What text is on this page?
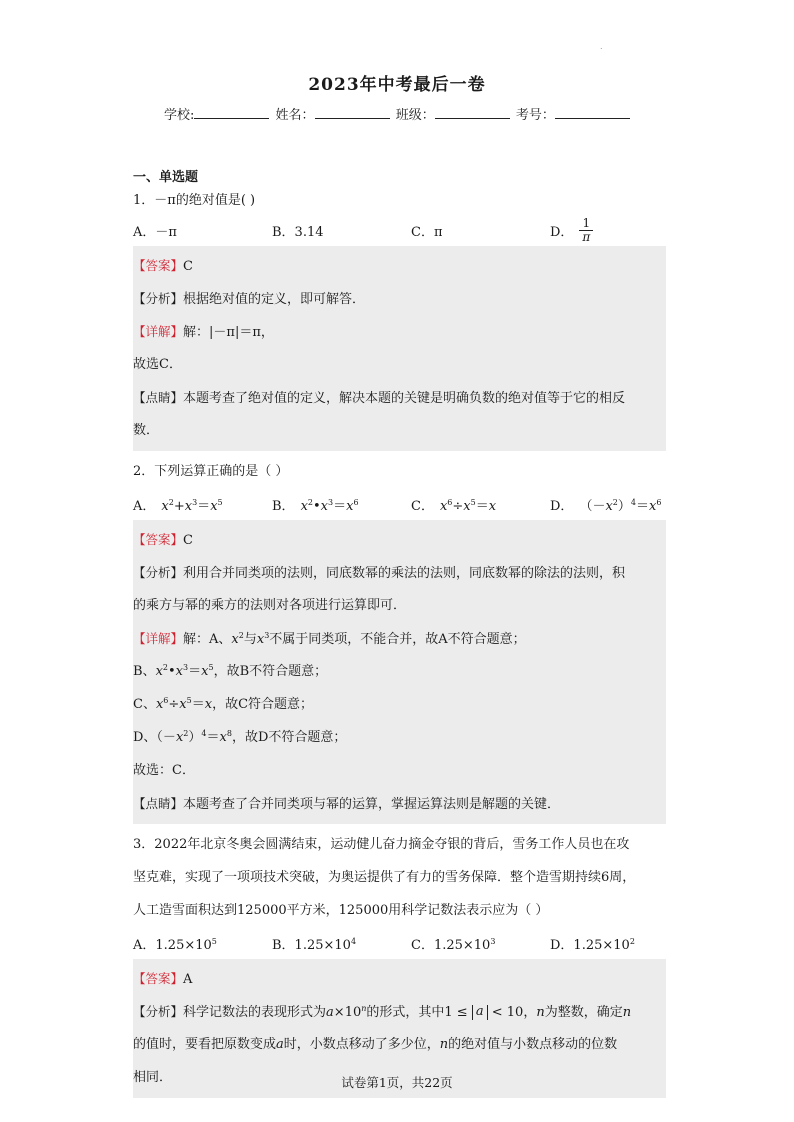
.
2023年中考最后一卷
学校:	姓名：	班级：	考号：
一、单选题
1．－π的绝对值是( )
A．－π	B．3.14	C．π	D． $\frac{1}{\pi}$
【答案】C
【分析】根据绝对值的定义，即可解答．
【详解】解：|－π|＝π，
故选C．
【点睛】本题考查了绝对值的定义，解决本题的关键是明确负数的绝对值等于它的相反
数．
2．下列运算正确的是（ ）
A． $x^2+x^3=x^5$	B． $x^2•x^3=x^6$	C． $x^6\div x^5=x$	D． $(-x^2)^4=x^6$
【答案】C
【分析】利用合并同类项的法则，同底数幂的乘法的法则，同底数幂的除法的法则，积
的乘方与幂的乘方的法则对各项进行运算即可．
【详解】解：A、$x^2$与$x^3$不属于同类项，不能合并，故A不符合题意；
B、$x^2•x^3=x^5$，故B不符合题意；
C、$x^6\div x^5=x$，故C符合题意；
D、$(-x^2)^4=x^8$，故D不符合题意；
故选：C．
【点睛】本题考查了合并同类项与幂的运算，掌握运算法则是解题的关键．
3．2022年北京冬奥会圆满结束，运动健儿奋力摘金夺银的背后，雪务工作人员也在攻
坚克难，实现了一项项技术突破，为奥运提供了有力的雪务保障．整个造雪期持续6周，
人工造雪面积达到125000平方米，125000用科学记数法表示应为（ ）
A．$1.25\times 10^5$	B．$1.25\times 10^4$	C．$1.25\times 10^3$	D．$1.25\times 10^2$
【答案】A
【分析】科学记数法的表现形式为$a\times 10^n$的形式，其中1 ≤ a < 10，n为整数，确定n
的值时，要看把原数变成a时，小数点移动了多少位，n的绝对值与小数点移动的位数
相同．	试卷第1页，共22页
